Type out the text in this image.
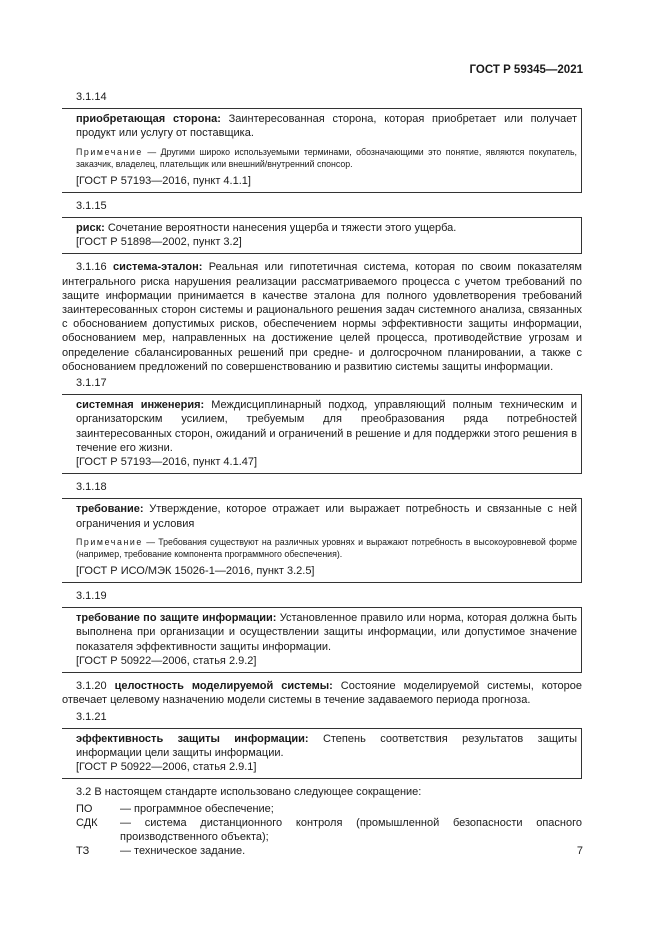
ГОСТ Р 59345—2021

3.1.14

приобретающая сторона: Заинтересованная сторона, которая приобретает или получает продукт или услугу от поставщика.

Примечание — Другими широко используемыми терминами, обозначающими это понятие, являются покупатель, заказчик, владелец, плательщик или внешний/внутренний спонсор.

[ГОСТ Р 57193—2016, пункт 4.1.1]

3.1.15

риск: Сочетание вероятности нанесения ущерба и тяжести этого ущерба.

[ГОСТ Р 51898—2002, пункт 3.2]

3.1.16 система-эталон: Реальная или гипотетичная система, которая по своим показателям интегрального риска нарушения реализации рассматриваемого процесса с учетом требований по защите информации принимается в качестве эталона для полного удовлетворения требований заинтересованных сторон системы и рационального решения задач системного анализа, связанных с обоснованием допустимых рисков, обеспечением нормы эффективности защиты информации, обоснованием мер, направленных на достижение целей процесса, противодействие угрозам и определение сбалансированных решений при средне- и долгосрочном планировании, а также с обоснованием предложений по совершенствованию и развитию системы защиты информации.

3.1.17

системная инженерия: Междисциплинарный подход, управляющий полным техническим и организаторским усилием, требуемым для преобразования ряда потребностей заинтересованных сторон, ожиданий и ограничений в решение и для поддержки этого решения в течение его жизни.

[ГОСТ Р 57193—2016, пункт 4.1.47]

3.1.18

требование: Утверждение, которое отражает или выражает потребность и связанные с ней ограничения и условия

Примечание — Требования существуют на различных уровнях и выражают потребность в высокоуровневой форме (например, требование компонента программного обеспечения).

[ГОСТ Р ИСО/МЭК 15026-1—2016, пункт 3.2.5]

3.1.19

требование по защите информации: Установленное правило или норма, которая должна быть выполнена при организации и осуществлении защиты информации, или допустимое значение показателя эффективности защиты информации.

[ГОСТ Р 50922—2006, статья 2.9.2]

3.1.20 целостность моделируемой системы: Состояние моделируемой системы, которое отвечает целевому назначению модели системы в течение задаваемого периода прогноза.

3.1.21

эффективность защиты информации: Степень соответствия результатов защиты информации цели защиты информации.

[ГОСТ Р 50922—2006, статья 2.9.1]

3.2 В настоящем стандарте использовано следующее сокращение:

ПО	— программное обеспечение;
СДК	— система дистанционного контроля (промышленной безопасности опасного производственного объекта);
ТЗ	— техническое задание.	7
